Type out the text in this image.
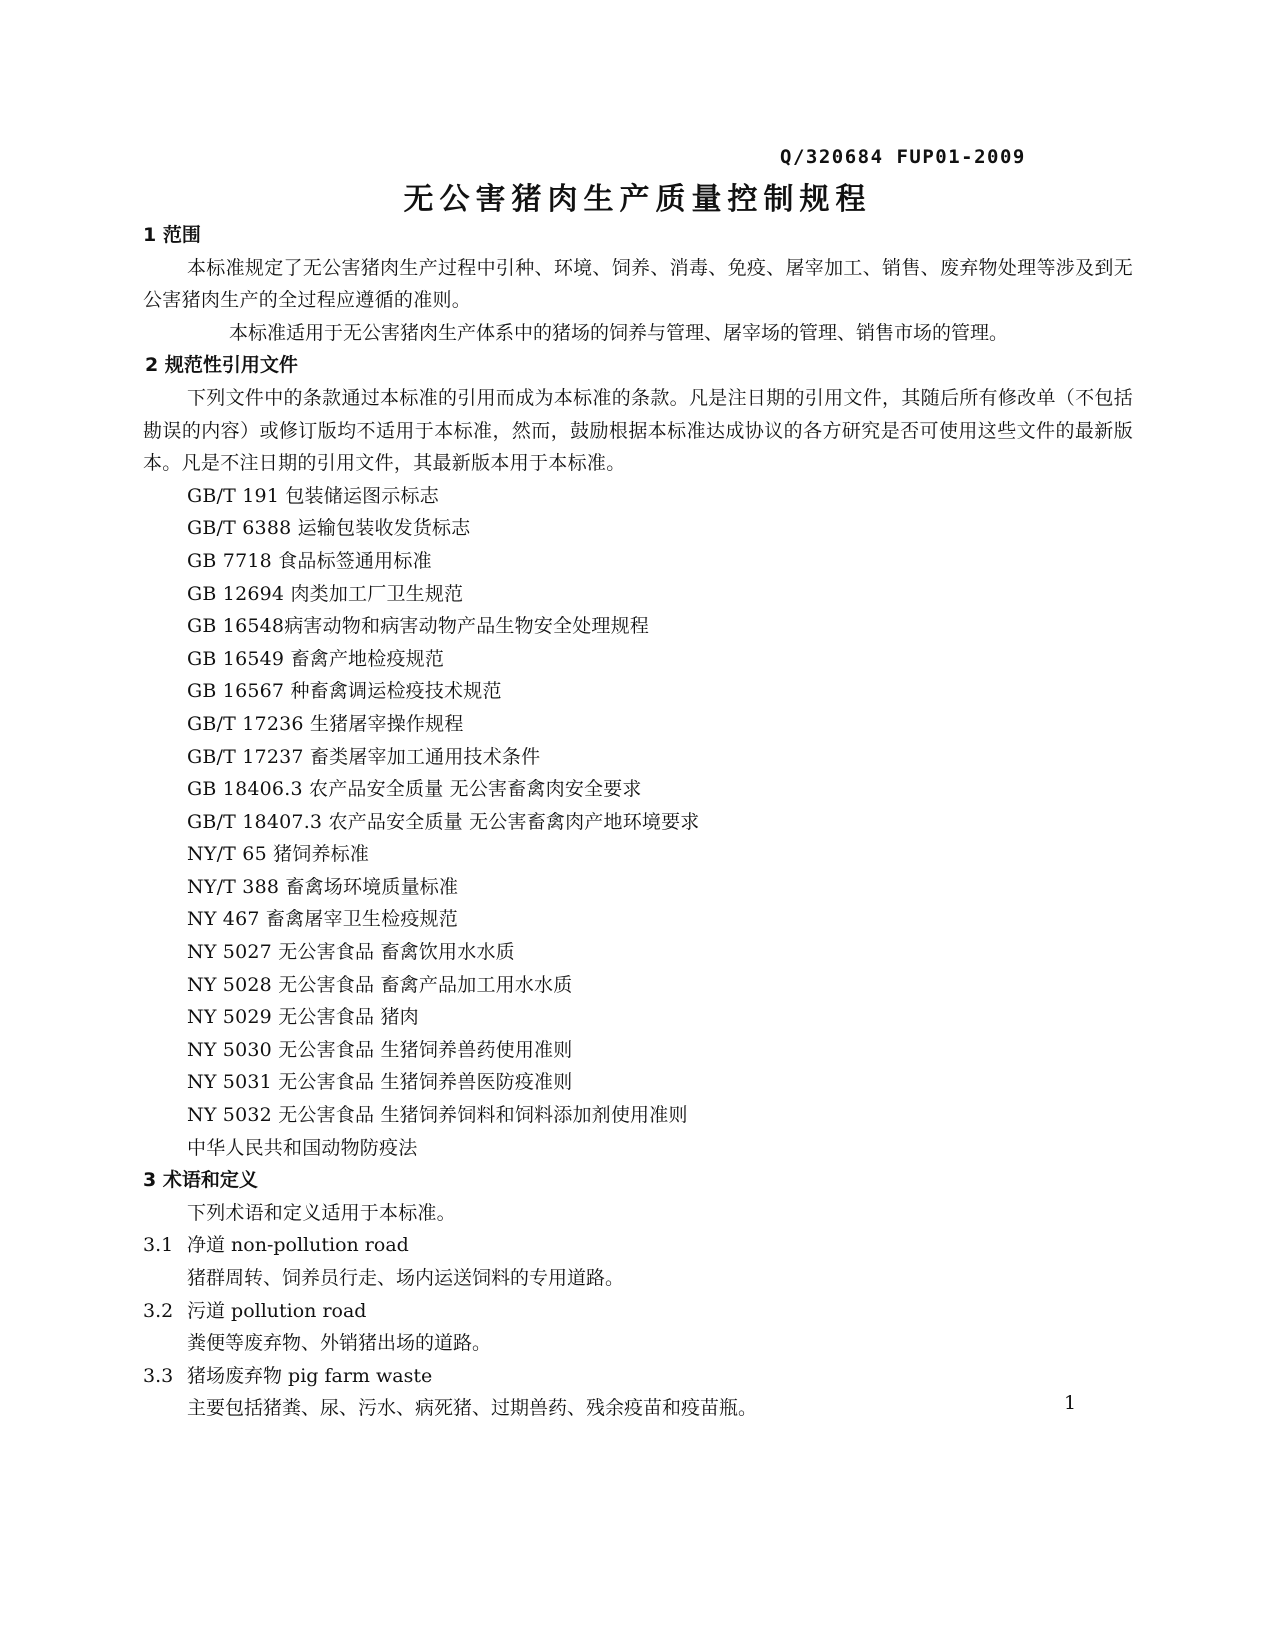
Q/320684 FUP01-2009
无公害猪肉生产质量控制规程
1 范围
本标准规定了无公害猪肉生产过程中引种、环境、饲养、消毒、免疫、屠宰加工、销售、废弃物处理等涉及到无公害猪肉生产的全过程应遵循的准则。
本标准适用于无公害猪肉生产体系中的猪场的饲养与管理、屠宰场的管理、销售市场的管理。
2 规范性引用文件
下列文件中的条款通过本标准的引用而成为本标准的条款。凡是注日期的引用文件，其随后所有修改单（不包括勘误的内容）或修订版均不适用于本标准，然而，鼓励根据本标准达成协议的各方研究是否可使用这些文件的最新版本。凡是不注日期的引用文件，其最新版本用于本标准。
GB/T 191 包装储运图示标志
GB/T 6388 运输包装收发货标志
GB 7718 食品标签通用标准
GB 12694 肉类加工厂卫生规范
GB 16548病害动物和病害动物产品生物安全处理规程
GB 16549 畜禽产地检疫规范
GB 16567 种畜禽调运检疫技术规范
GB/T 17236 生猪屠宰操作规程
GB/T 17237 畜类屠宰加工通用技术条件
GB 18406.3 农产品安全质量 无公害畜禽肉安全要求
GB/T 18407.3 农产品安全质量 无公害畜禽肉产地环境要求
NY/T 65 猪饲养标准
NY/T 388 畜禽场环境质量标准
NY 467 畜禽屠宰卫生检疫规范
NY 5027 无公害食品 畜禽饮用水水质
NY 5028 无公害食品 畜禽产品加工用水水质
NY 5029 无公害食品 猪肉
NY 5030 无公害食品 生猪饲养兽药使用准则
NY 5031 无公害食品 生猪饲养兽医防疫准则
NY 5032 无公害食品 生猪饲养饲料和饲料添加剂使用准则
中华人民共和国动物防疫法
3 术语和定义
下列术语和定义适用于本标准。
3.1 净道 non-pollution road
猪群周转、饲养员行走、场内运送饲料的专用道路。
3.2 污道 pollution road
粪便等废弃物、外销猪出场的道路。
3.3 猪场废弃物 pig farm waste
主要包括猪粪、尿、污水、病死猪、过期兽药、残余疫苗和疫苗瓶。	1
